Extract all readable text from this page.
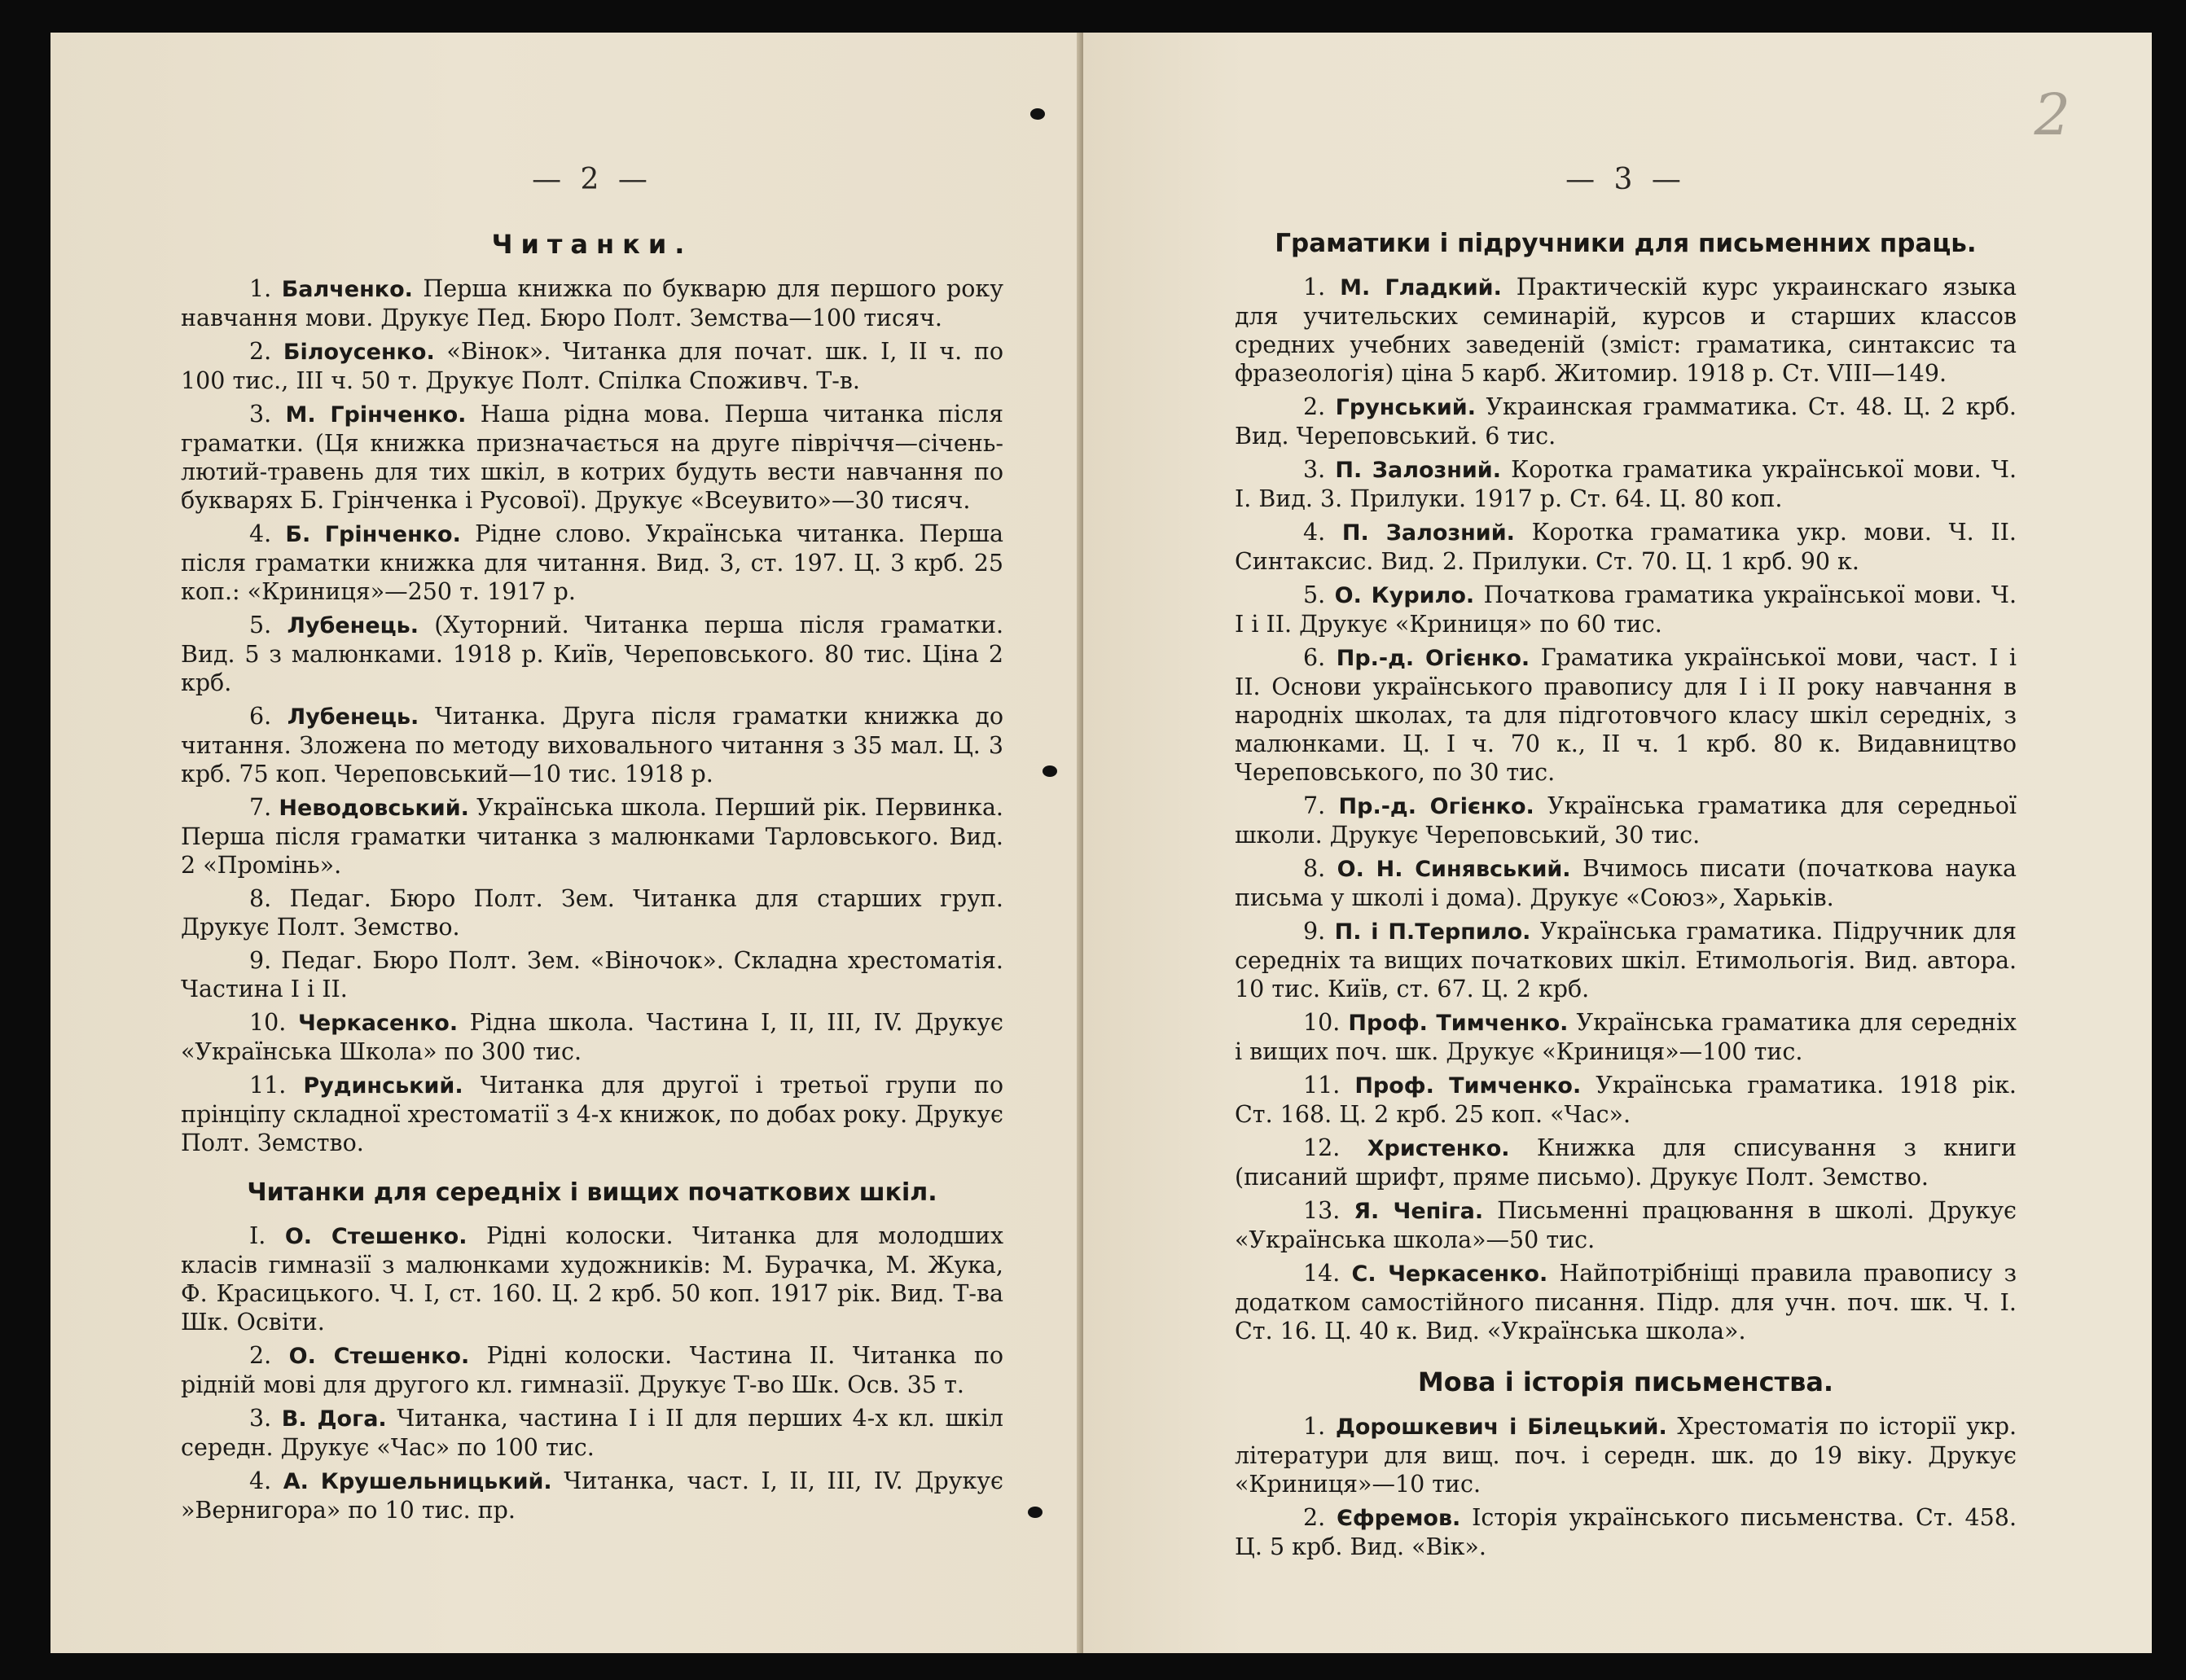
— 2 —
Читанки.

1. Балченко. Перша книжка по букварю для першого року навчання мови. Друкує Пед. Бюро Полт. Земства—100 тисяч.

2. Білоусенко. «Вінок». Читанка для почат. шк. I, II ч. по 100 тис., III ч. 50 т. Друкує Полт. Спілка Споживч. Т-в.

3. М. Грінченко. Наша рідна мова. Перша читанка після граматки. (Ця книжка призначається на друге півріччя—січень-лютий-травень для тих шкіл, в котрих будуть вести навчання по букварях Б. Грінченка і Русової). Друкує «Всеувито»—30 тисяч.

4. Б. Грінченко. Рідне слово. Українська читанка. Перша після граматки книжка для читання. Вид. 3, ст. 197. Ц. 3 крб. 25 коп.: «Криниця»—250 т. 1917 р.

5. Лубенець. (Хуторний. Читанка перша після граматки. Вид. 5 з малюнками. 1918 р. Київ, Череповського. 80 тис. Ціна 2 крб.

6. Лубенець. Читанка. Друга після граматки книжка до читання. Зложена по методу виховального читання з 35 мал. Ц. 3 крб. 75 коп. Череповський—10 тис. 1918 р.

7. Неводовський. Українська школа. Перший рік. Первинка. Перша після граматки читанка з малюнками Тарловського. Вид. 2 «Промінь».

8. Педаг. Бюро Полт. Зем. Читанка для старших груп. Друкує Полт. Земство.

9. Педаг. Бюро Полт. Зем. «Віночок». Складна хрестоматія. Частина I і II.

10. Черкасенко. Рідна школа. Частина I, II, III, IV. Друкує «Українська Школа» по 300 тис.

11. Рудинський. Читанка для другої і третьої групи по прінціпу складної хрестоматії з 4-х книжок, по добах року. Друкує Полт. Земство.

Читанки для середніх і вищих початкових шкіл.

І. О. Стешенко. Рідні колоски. Читанка для молодших класів гимназії з малюнками художників: М. Бурачка, М. Жука, Ф. Красицького. Ч. І, ст. 160. Ц. 2 крб. 50 коп. 1917 рік. Вид. Т-ва Шк. Освіти.

2. О. Стешенко. Рідні колоски. Частина II. Читанка по рідній мові для другого кл. гимназії. Друкує Т-во Шк. Осв. 35 т.

3. В. Дога. Читанка, частина I і II для перших 4-х кл. шкіл середн. Друкує «Час» по 100 тис.

4. А. Крушельницький. Читанка, част. I, II, III, IV. Друкує »Вернигора» по 10 тис. пр.

2
— 3 —
Граматики і підручники для письменних праць.

1. М. Гладкий. Практическій курс украинскаго языка для учительских семинарій, курсов и старших классов средних учебних заведеній (зміст: граматика, синтаксис та фразеологія) ціна 5 карб. Житомир. 1918 р. Ст. VIII—149.

2. Грунський. Украинская грамматика. Ст. 48. Ц. 2 крб. Вид. Череповський. 6 тис.

3. П. Залозний. Коротка граматика української мови. Ч. I. Вид. 3. Прилуки. 1917 р. Ст. 64. Ц. 80 коп.

4. П. Залозний. Коротка граматика укр. мови. Ч. II. Синтаксис. Вид. 2. Прилуки. Ст. 70. Ц. 1 крб. 90 к.

5. О. Курило. Початкова граматика української мови. Ч. I і II. Друкує «Криниця» по 60 тис.

6. Пр.-д. Огієнко. Граматика української мови, част. I і II. Основи українського правопису для I і II року навчання в народніх школах, та для підготовчого класу шкіл середніх, з малюнками. Ц. I ч. 70 к., II ч. 1 крб. 80 к. Видавництво Череповського, по 30 тис.

7. Пр.-д. Огієнко. Українська граматика для середньої школи. Друкує Череповський, 30 тис.

8. О. Н. Синявський. Вчимось писати (початкова наука письма у школі і дома). Друкує «Союз», Харьків.

9. П. і П.Терпило. Українська граматика. Підручник для середніх та вищих початкових шкіл. Етимольогія. Вид. автора. 10 тис. Київ, ст. 67. Ц. 2 крб.

10. Проф. Тимченко. Українська граматика для середніх і вищих поч. шк. Друкує «Криниця»—100 тис.

11. Проф. Тимченко. Українська граматика. 1918 рік. Ст. 168. Ц. 2 крб. 25 коп. «Час».

12. Христенко. Книжка для списування з книги (писаний шрифт, пряме письмо). Друкує Полт. Земство.

13. Я. Чепіга. Письменні працювання в школі. Друкує «Українська школа»—50 тис.

14. С. Черкасенко. Найпотрібніщі правила правопису з додатком самостійного писання. Підр. для учн. поч. шк. Ч. I. Ст. 16. Ц. 40 к. Вид. «Українська школа».

Мова і історія письменства.

1. Дорошкевич і Білецький. Хрестоматія по історії укр. літератури для вищ. поч. і середн. шк. до 19 віку. Друкує «Криниця»—10 тис.

2. Єфремов. Історія українського письменства. Ст. 458. Ц. 5 крб. Вид. «Вік».
